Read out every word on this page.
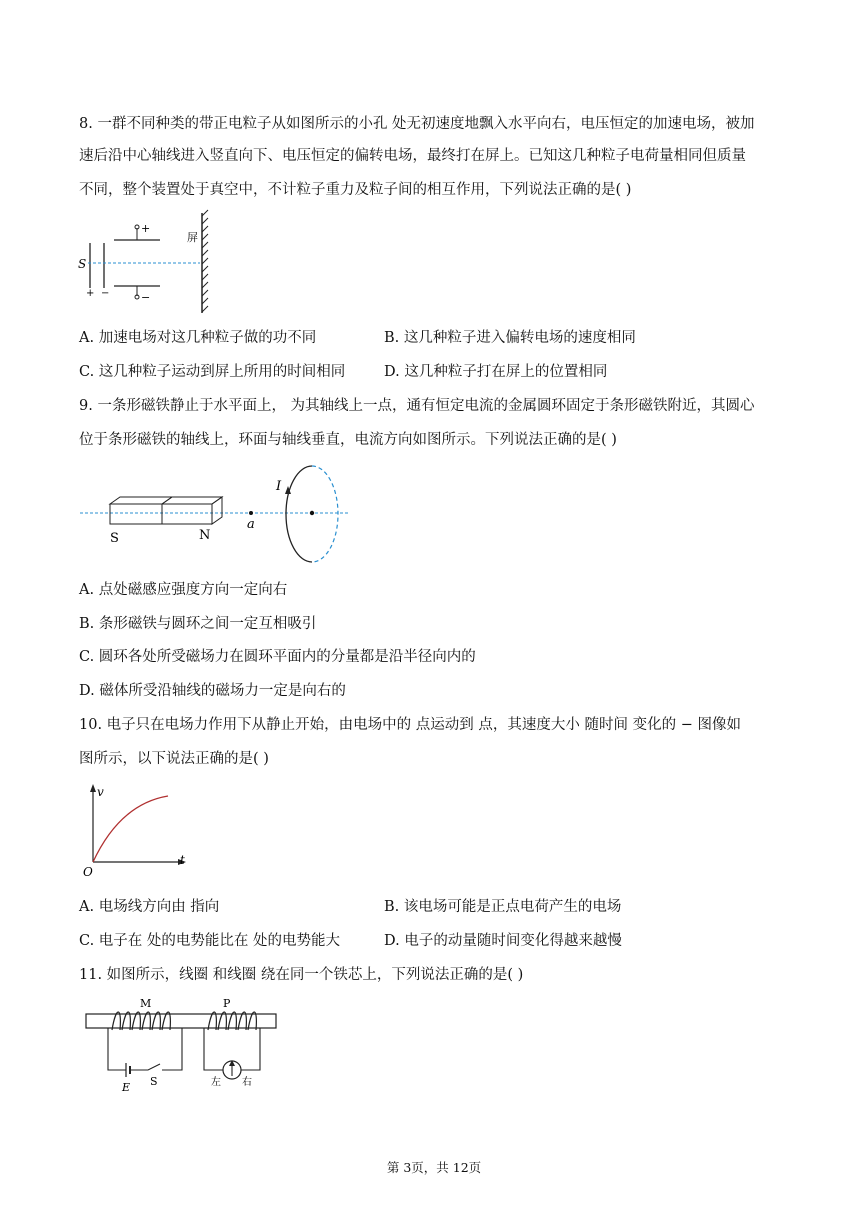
8. 一群不同种类的带正电粒子从如图所示的小孔 处无初速度地飘入水平向右，电压恒定的加速电场，被加
速后沿中心轴线进入竖直向下、电压恒定的偏转电场，最终打在屏上。已知这几种粒子电荷量相同但质量
不同，整个装置处于真空中，不计粒子重力及粒子间的相互作用，下列说法正确的是( )
S
屏
+
−
+ −
A. 加速电场对这几种粒子做的功不同	B. 这几种粒子进入偏转电场的速度相同
C. 这几种粒子运动到屏上所用的时间相同	D. 这几种粒子打在屏上的位置相同
9. 一条形磁铁静止于水平面上， 为其轴线上一点，通有恒定电流的金属圆环固定于条形磁铁附近，其圆心
位于条形磁铁的轴线上，环面与轴线垂直，电流方向如图所示。下列说法正确的是( )
S	N
a
I
A. 点处磁感应强度方向一定向右
B. 条形磁铁与圆环之间一定互相吸引
C. 圆环各处所受磁场力在圆环平面内的分量都是沿半径向内的
D. 磁体所受沿轴线的磁场力一定是向右的
10. 电子只在电场力作用下从静止开始，由电场中的 点运动到 点，其速度大小 随时间 变化的 − 图像如
图所示，以下说法正确的是( )
v
t
O
A. 电场线方向由 指向	B. 该电场可能是正点电荷产生的电场
C. 电子在 处的电势能比在 处的电势能大	D. 电子的动量随时间变化得越来越慢
11. 如图所示，线圈 和线圈 绕在同一个铁芯上，下列说法正确的是( )
M	P
E S	左 右
第 3页，共 12页
